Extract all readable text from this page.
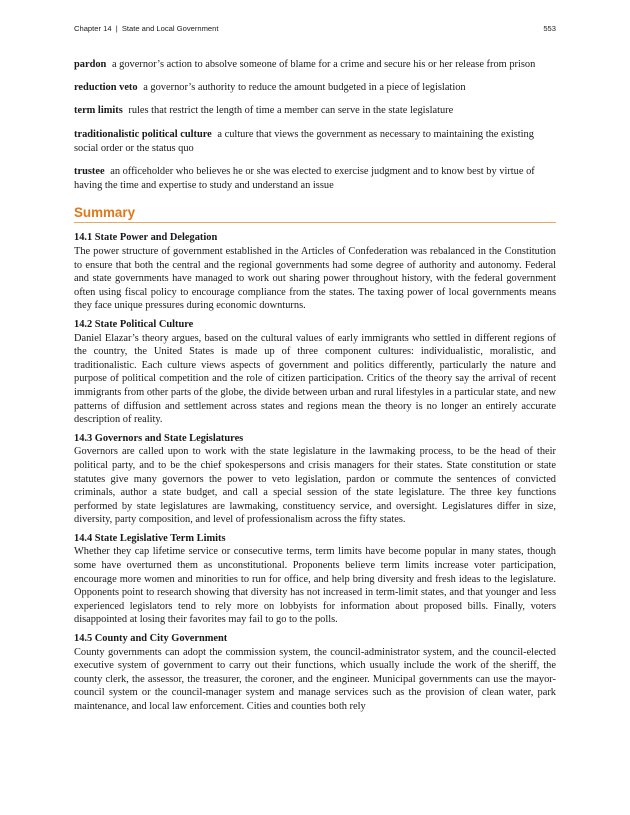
Chapter 14 | State and Local Government	553

pardon a governor’s action to absolve someone of blame for a crime and secure his or her release from prison

reduction veto a governor’s authority to reduce the amount budgeted in a piece of legislation

term limits rules that restrict the length of time a member can serve in the state legislature

traditionalistic political culture a culture that views the government as necessary to maintaining the existing social order or the status quo

trustee an officeholder who believes he or she was elected to exercise judgment and to know best by virtue of having the time and expertise to study and understand an issue

Summary
14.1 State Power and Delegation

The power structure of government established in the Articles of Confederation was rebalanced in the Constitution to ensure that both the central and the regional governments had some degree of authority and autonomy. Federal and state governments have managed to work out sharing power throughout history, with the federal government often using fiscal policy to encourage compliance from the states. The taxing power of local governments means they face unique pressures during economic downturns.

14.2 State Political Culture

Daniel Elazar’s theory argues, based on the cultural values of early immigrants who settled in different regions of the country, the United States is made up of three component cultures: individualistic, moralistic, and traditionalistic. Each culture views aspects of government and politics differently, particularly the nature and purpose of political competition and the role of citizen participation. Critics of the theory say the arrival of recent immigrants from other parts of the globe, the divide between urban and rural lifestyles in a particular state, and new patterns of diffusion and settlement across states and regions mean the theory is no longer an entirely accurate description of reality.

14.3 Governors and State Legislatures

Governors are called upon to work with the state legislature in the lawmaking process, to be the head of their political party, and to be the chief spokespersons and crisis managers for their states. State constitution or state statutes give many governors the power to veto legislation, pardon or commute the sentences of convicted criminals, author a state budget, and call a special session of the state legislature. The three key functions performed by state legislatures are lawmaking, constituency service, and oversight. Legislatures differ in size, diversity, party composition, and level of professionalism across the fifty states.

14.4 State Legislative Term Limits

Whether they cap lifetime service or consecutive terms, term limits have become popular in many states, though some have overturned them as unconstitutional. Proponents believe term limits increase voter participation, encourage more women and minorities to run for office, and help bring diversity and fresh ideas to the legislature. Opponents point to research showing that diversity has not increased in term-limit states, and that younger and less experienced legislators tend to rely more on lobbyists for information about proposed bills. Finally, voters disappointed at losing their favorites may fail to go to the polls.

14.5 County and City Government

County governments can adopt the commission system, the council-administrator system, and the council-elected executive system of government to carry out their functions, which usually include the work of the sheriff, the county clerk, the assessor, the treasurer, the coroner, and the engineer. Municipal governments can use the mayor-council system or the council-manager system and manage services such as the provision of clean water, park maintenance, and local law enforcement. Cities and counties both rely
